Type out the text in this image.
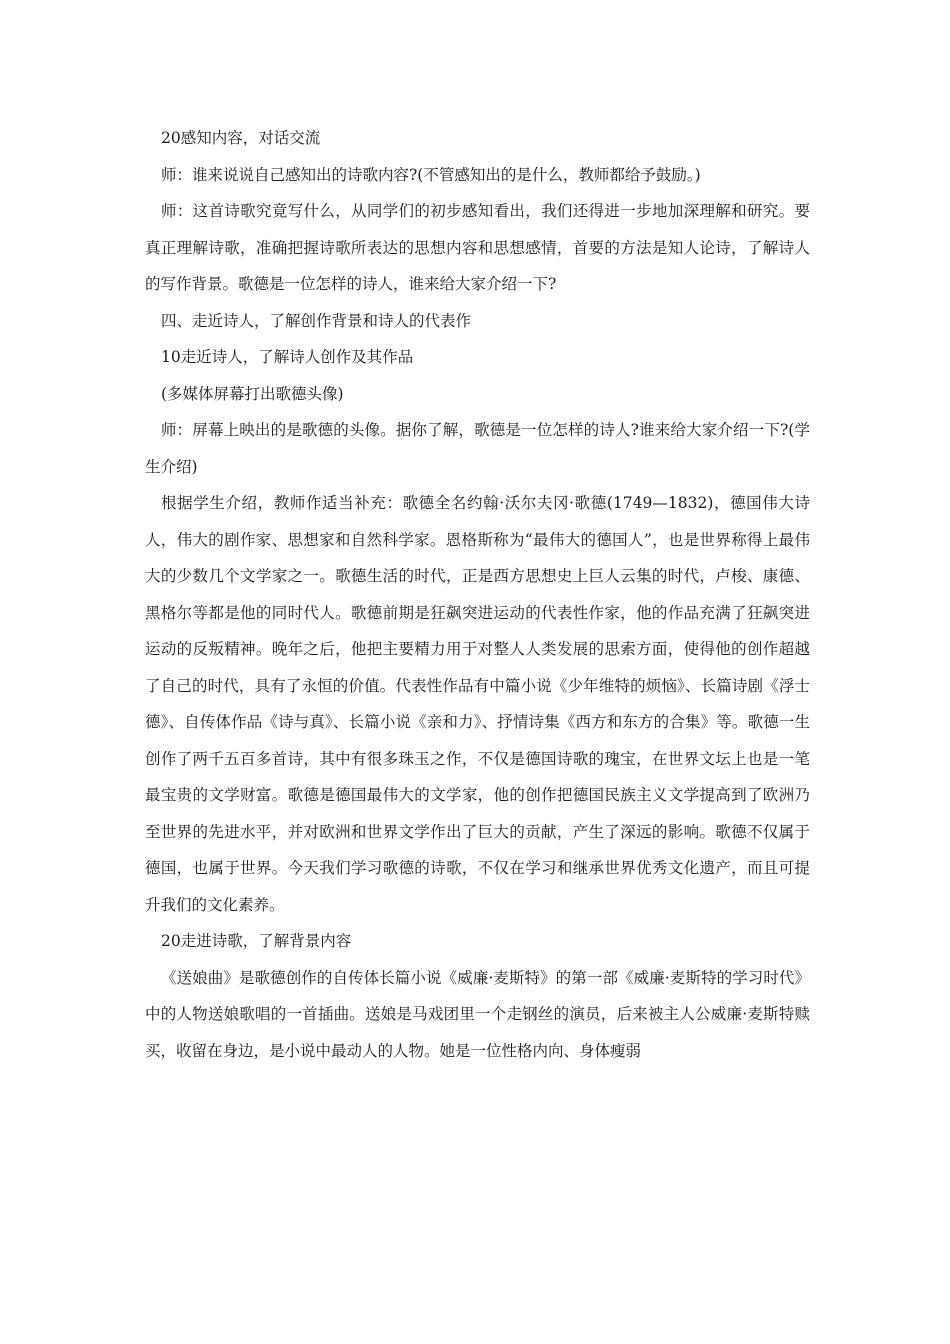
20感知内容，对话交流

师：谁来说说自己感知出的诗歌内容?(不管感知出的是什么，教师都给予鼓励。)

师：这首诗歌究竟写什么，从同学们的初步感知看出，我们还得进一步地加深理解和研究。要真正理解诗歌，准确把握诗歌所表达的思想内容和思想感情，首要的方法是知人论诗，了解诗人的写作背景。歌德是一位怎样的诗人，谁来给大家介绍一下?

四、走近诗人，了解创作背景和诗人的代表作

10走近诗人，了解诗人创作及其作品

(多媒体屏幕打出歌德头像)

师：屏幕上映出的是歌德的头像。据你了解，歌德是一位怎样的诗人?谁来给大家介绍一下?(学生介绍)

根据学生介绍，教师作适当补充：歌德全名约翰·沃尔夫冈·歌德(1749—1832)，德国伟大诗人，伟大的剧作家、思想家和自然科学家。恩格斯称为“最伟大的德国人”，也是世界称得上最伟大的少数几个文学家之一。歌德生活的时代，正是西方思想史上巨人云集的时代，卢梭、康德、黑格尔等都是他的同时代人。歌德前期是狂飙突进运动的代表性作家，他的作品充满了狂飙突进运动的反叛精神。晚年之后，他把主要精力用于对整人人类发展的思索方面，使得他的创作超越了自己的时代，具有了永恒的价值。代表性作品有中篇小说《少年维特的烦恼》、长篇诗剧《浮士德》、自传体作品《诗与真》、长篇小说《亲和力》、抒情诗集《西方和东方的合集》等。歌德一生创作了两千五百多首诗，其中有很多珠玉之作，不仅是德国诗歌的瑰宝，在世界文坛上也是一笔最宝贵的文学财富。歌德是德国最伟大的文学家，他的创作把德国民族主义文学提高到了欧洲乃至世界的先进水平，并对欧洲和世界文学作出了巨大的贡献，产生了深远的影响。歌德不仅属于德国，也属于世界。今天我们学习歌德的诗歌，不仅在学习和继承世界优秀文化遗产，而且可提升我们的文化素养。

20走进诗歌，了解背景内容

《送娘曲》是歌德创作的自传体长篇小说《威廉·麦斯特》的第一部《威廉·麦斯特的学习时代》中的人物送娘歌唱的一首插曲。送娘是马戏团里一个走钢丝的演员，后来被主人公威廉·麦斯特赎买，收留在身边，是小说中最动人的人物。她是一位性格内向、身体瘦弱
